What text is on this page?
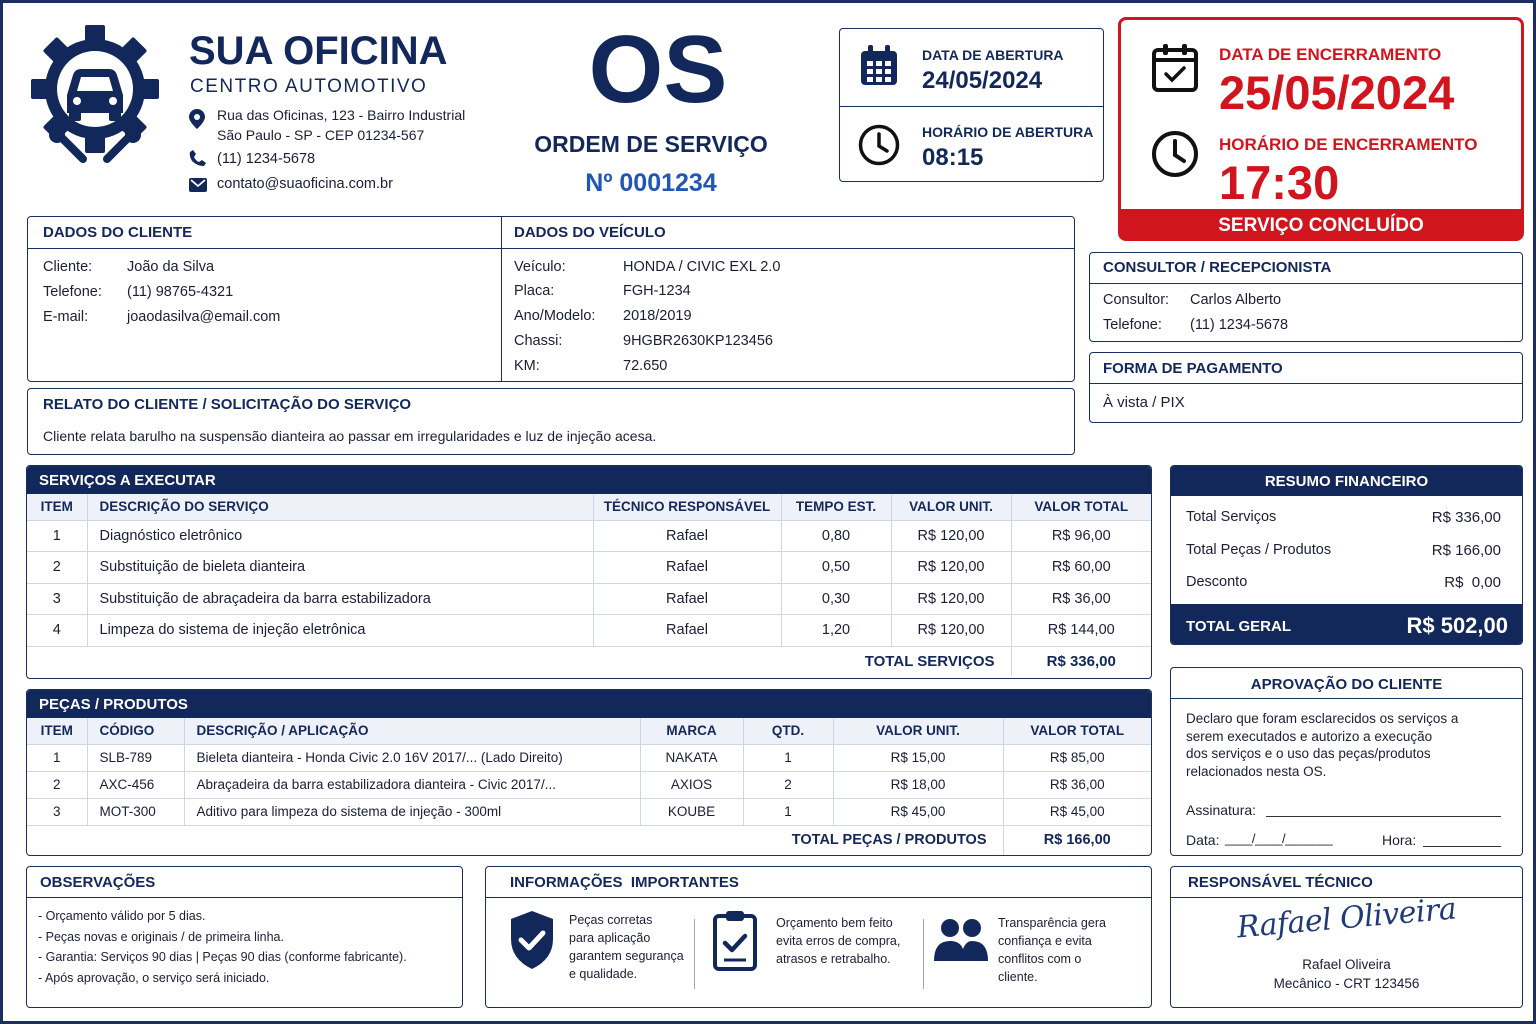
SUA OFICINA
CENTRO AUTOMOTIVO
Rua das Oficinas, 123 - Bairro Industrial
São Paulo - SP - CEP 01234-567
(11) 1234-5678
contato@suaoficina.com.br
OS
ORDEM DE SERVIÇO
Nº 0001234
DATA DE ABERTURA
24/05/2024
HORÁRIO DE ABERTURA
08:15
DATA DE ENCERRAMENTO
25/05/2024
HORÁRIO DE ENCERRAMENTO
17:30
SERVIÇO CONCLUÍDO
DADOS DO CLIENTE
Cliente: João da Silva
Telefone: (11) 98765-4321
E-mail:	joaodasilva@email.com
DADOS DO VEÍCULO
Veículo:	HONDA / CIVIC EXL 2.0
Placa:	FGH-1234
Ano/Modelo: 2018/2019
Chassi:	9HGBR2630KP123456
KM:	72.650
RELATO DO CLIENTE / SOLICITAÇÃO DO SERVIÇO
Cliente relata barulho na suspensão dianteira ao passar em irregularidades e luz de injeção acesa.
CONSULTOR / RECEPCIONISTA
Consultor: Carlos Alberto
Telefone: (11) 1234-5678
FORMA DE PAGAMENTO
À vista / PIX
SERVIÇOS A EXECUTAR
ITEM	DESCRIÇÃO DO SERVIÇO	TÉCNICO RESPONSÁVEL	TEMPO EST.	VALOR UNIT.	VALOR TOTAL
1	Diagnóstico eletrônico	Rafael	0,80	R$ 120,00	R$ 96,00
2	Substituição de bieleta dianteira	Rafael	0,50	R$ 120,00	R$ 60,00
3	Substituição de abraçadeira da barra estabilizadora	Rafael	0,30	R$ 120,00	R$ 36,00
4	Limpeza do sistema de injeção eletrônica	Rafael	1,20	R$ 120,00	R$ 144,00
TOTAL SERVIÇOS					R$ 336,00
PEÇAS / PRODUTOS
ITEM	CÓDIGO	DESCRIÇÃO / APLICAÇÃO	MARCA	QTD.	VALOR UNIT.	VALOR TOTAL
1	SLB-789	Bieleta dianteira - Honda Civic 2.0 16V 2017/... (Lado Direito)	NAKATA	1	R$ 15,00	R$ 85,00
2	AXC-456	Abraçadeira da barra estabilizadora dianteira - Civic 2017/...	AXIOS	2	R$ 18,00	R$ 36,00
3	MOT-300	Aditivo para limpeza do sistema de injeção - 300ml	KOUBE	1	R$ 45,00	R$ 45,00
TOTAL PEÇAS / PRODUTOS						R$ 166,00
RESUMO FINANCEIRO
Total Serviços	R$ 336,00
Total Peças / Produtos	R$ 166,00
Desconto	R$  0,00
TOTAL GERAL	R$ 502,00
APROVAÇÃO DO CLIENTE
Declaro que foram esclarecidos os serviços a
serem executados e autorizo a execução
dos serviços e o uso das peças/produtos
relacionados nesta OS.
Assinatura:
Data: ____/____/_______	Hora:
OBSERVAÇÕES
- Orçamento válido por 5 dias.
- Peças novas e originais / de primeira linha.
- Garantia: Serviços 90 dias | Peças 90 dias (conforme fabricante).
- Após aprovação, o serviço será iniciado.
INFORMAÇÕES  IMPORTANTES
Peças corretas
para aplicação
garantem segurança
e qualidade.
Orçamento bem feito
evita erros de compra,
atrasos e retrabalho.
Transparência gera
confiança e evita
conflitos com o
cliente.
RESPONSÁVEL TÉCNICO
Rafael Oliveira
Rafael Oliveira
Mecânico - CRT 123456
